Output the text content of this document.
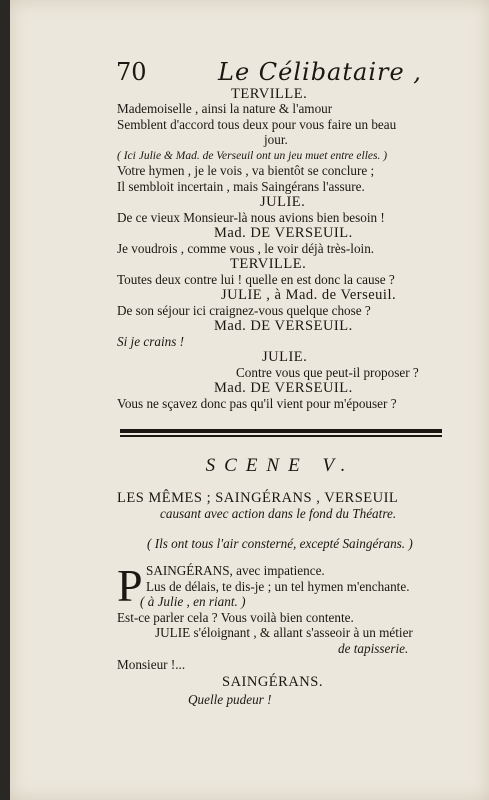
70	Le Célibataire ,
TERVILLE.
Mademoiselle , ainsi la nature & l'amour
Semblent d'accord tous deux pour vous faire un beau
jour.
( Ici Julie & Mad. de Verseuil ont un jeu muet entre elles. )
Votre hymen , je le vois , va bientôt se conclure ;
Il sembloit incertain , mais Saingérans l'assure.
JULIE.
De ce vieux Monsieur-là nous avions bien besoin !
Mad. DE VERSEUIL.
Je voudrois , comme vous , le voir déjà très-loin.
TERVILLE.
Toutes deux contre lui ! quelle en est donc la cause ?
JULIE , à Mad. de Verseuil.
De son séjour ici craignez-vous quelque chose ?
Mad. DE VERSEUIL.
Si je crains !
JULIE.
Contre vous que peut-il proposer ?
Mad. DE VERSEUIL.
Vous ne sçavez donc pas qu'il vient pour m'épouser ?
SCENE V.
LES MÊMES ; SAINGÉRANS , VERSEUIL
causant avec action dans le fond du Théatre.
( Ils ont tous l'air consterné, excepté Saingérans. )
P SAINGÉRANS, avec impatience.
Lus de délais, te dis-je ; un tel hymen m'enchante.
( à Julie , en riant. )
Est-ce parler cela ? Vous voilà bien contente.
JULIE s'éloignant , & allant s'asseoir à un métier
de tapisserie.
Monsieur !...
SAINGÉRANS.
Quelle pudeur !
